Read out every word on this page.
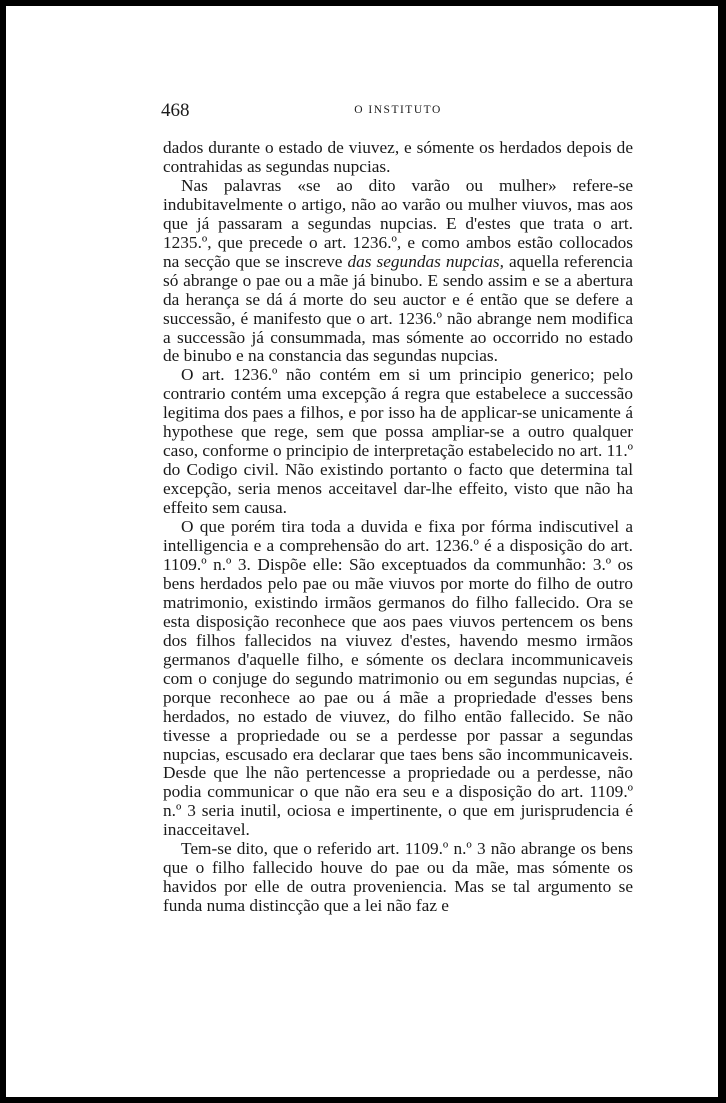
468	O INSTITUTO

dados durante o estado de viuvez, e sómente os herdados depois de contrahidas as segundas nupcias.

Nas palavras «se ao dito varão ou mulher» refere-se indubitavelmente o artigo, não ao varão ou mulher viuvos, mas aos que já passaram a segundas nupcias. E d'estes que trata o art. 1235.º, que precede o art. 1236.º, e como ambos estão collocados na secção que se inscreve das segundas nupcias, aquella referencia só abrange o pae ou a mãe já binubo. E sendo assim e se a abertura da herança se dá á morte do seu auctor e é então que se defere a successão, é manifesto que o art. 1236.º não abrange nem modifica a successão já consummada, mas sómente ao occorrido no estado de binubo e na constancia das segundas nupcias.

O art. 1236.º não contém em si um principio generico; pelo contrario contém uma excepção á regra que estabelece a successão legitima dos paes a filhos, e por isso ha de applicar-se unicamente á hypothese que rege, sem que possa ampliar-se a outro qualquer caso, conforme o principio de interpretação estabelecido no art. 11.º do Codigo civil. Não existindo portanto o facto que determina tal excepção, seria menos acceitavel dar-lhe effeito, visto que não ha effeito sem causa.

O que porém tira toda a duvida e fixa por fórma indiscutivel a intelligencia e a comprehensão do art. 1236.º é a disposição do art. 1109.º n.º 3. Dispõe elle: São exceptuados da communhão: 3.º os bens herdados pelo pae ou mãe viuvos por morte do filho de outro matrimonio, existindo irmãos germanos do filho fallecido. Ora se esta disposição reconhece que aos paes viuvos pertencem os bens dos filhos fallecidos na viuvez d'estes, havendo mesmo irmãos germanos d'aquelle filho, e sómente os declara incommunicaveis com o conjuge do segundo matrimonio ou em segundas nupcias, é porque reconhece ao pae ou á mãe a propriedade d'esses bens herdados, no estado de viuvez, do filho então fallecido. Se não tivesse a propriedade ou se a perdesse por passar a segundas nupcias, escusado era declarar que taes bens são incommunicaveis. Desde que lhe não pertencesse a propriedade ou a perdesse, não podia communicar o que não era seu e a disposição do art. 1109.º n.º 3 seria inutil, ociosa e impertinente, o que em jurisprudencia é inacceitavel.

Tem-se dito, que o referido art. 1109.º n.º 3 não abrange os bens que o filho fallecido houve do pae ou da mãe, mas sómente os havidos por elle de outra proveniencia. Mas se tal argumento se funda numa distincção que a lei não faz e
